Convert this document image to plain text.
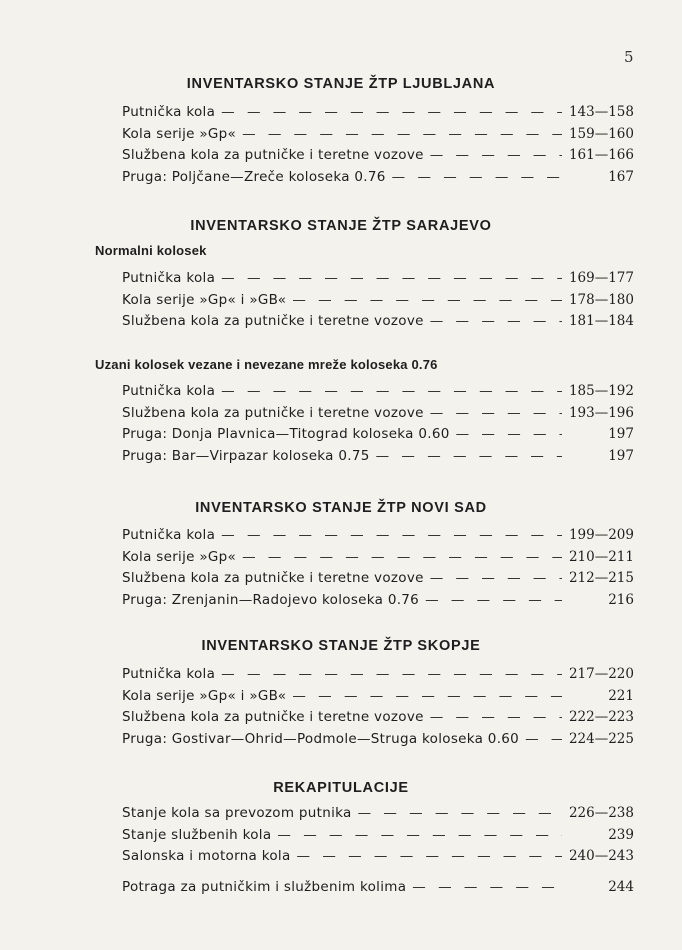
5
INVENTARSKO STANJE ŽTP LJUBLJANA
Putnička kola — — —	143—158
Kola serije »Gp« — — —	159—160
Službena kola za putničke i teretne vozove — — —	161—166
Pruga: Poljčane—Zreče koloseka 0.76 — — —	167
INVENTARSKO STANJE ŽTP SARAJEVO
Normalni kolosek
Putnička kola — — —	169—177
Kola serije »Gp« i »GB« — — —	178—180
Službena kola za putničke i teretne vozove — — —	181—184
Uzani kolosek vezane i nevezane mreže koloseka 0.76
Putnička kola — — —	185—192
Službena kola za putničke i teretne vozove — — —	193—196
Pruga: Donja Plavnica—Titograd koloseka 0.60 — — —	197
Pruga: Bar—Virpazar koloseka 0.75 — — —	197
INVENTARSKO STANJE ŽTP NOVI SAD
Putnička kola — — —	199—209
Kola serije »Gp« — — —	210—211
Službena kola za putničke i teretne vozove — — —	212—215
Pruga: Zrenjanin—Radojevo koloseka 0.76 — — —	216
INVENTARSKO STANJE ŽTP SKOPJE
Putnička kola — — —	217—220
Kola serije »Gp« i »GB« — — —	221
Službena kola za putničke i teretne vozove — — —	222—223
Pruga: Gostivar—Ohrid—Podmole—Struga koloseka 0.60 — — —	224—225
REKAPITULACIJE
Stanje kola sa prevozom putnika — — —	226—238
Stanje službenih kola — — —	239
Salonska i motorna kola — — —	240—243
Potraga za putničkim i službenim kolima — — —	244
